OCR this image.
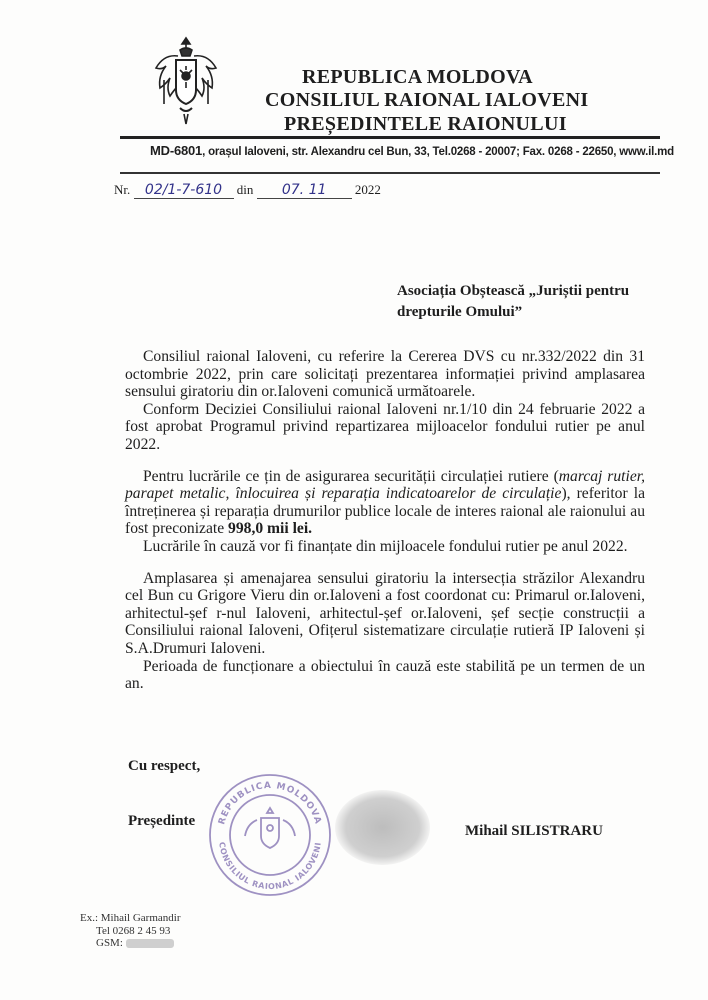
REPUBLICA MOLDOVA
CONSILIUL RAIONAL IALOVENI
PREȘEDINTELE RAIONULUI
MD-6801, orașul Ialoveni, str. Alexandru cel Bun, 33, Tel.0268 - 20007; Fax. 0268 - 22650, www.il.md
Nr. 02/1-7-610 din 07. 11 2022
Asociația Obștească „Juriștii pentru
drepturile Omului”

Consiliul raional Ialoveni, cu referire la Cererea DVS cu nr.332/2022 din 31 octombrie 2022, prin care solicitați prezentarea informației privind amplasarea sensului giratoriu din or.Ialoveni comunică următoarele.

Conform Deciziei Consiliului raional Ialoveni nr.1/10 din 24 februarie 2022 a fost aprobat Programul privind repartizarea mijloacelor fondului rutier pe anul 2022.

Pentru lucrările ce țin de asigurarea securității circulației rutiere (marcaj rutier, parapet metalic, înlocuirea și reparația indicatoarelor de circulație), referitor la întreținerea și reparația drumurilor publice locale de interes raional ale raionului au fost preconizate 998,0 mii lei.

Lucrările în cauză vor fi finanțate din mijloacele fondului rutier pe anul 2022.

Amplasarea și amenajarea sensului giratoriu la intersecția străzilor Alexandru cel Bun cu Grigore Vieru din or.Ialoveni a fost coordonat cu: Primarul or.Ialoveni, arhitectul-șef r-nul Ialoveni, arhitectul-șef or.Ialoveni, șef secție construcții a Consiliului raional Ialoveni, Ofițerul sistematizare circulație rutieră IP Ialoveni și S.A.Drumuri Ialoveni.

Perioada de funcționare a obiectului în cauză este stabilită pe un termen de un an.

Cu respect,
Președinte REPUBLICA MOLDOVA
CONSILIUL RAIONAL IALOVENI
Mihail SILISTRARU
Ex.: Mihail Garmandir
Tel 0268 2 45 93
GSM:
